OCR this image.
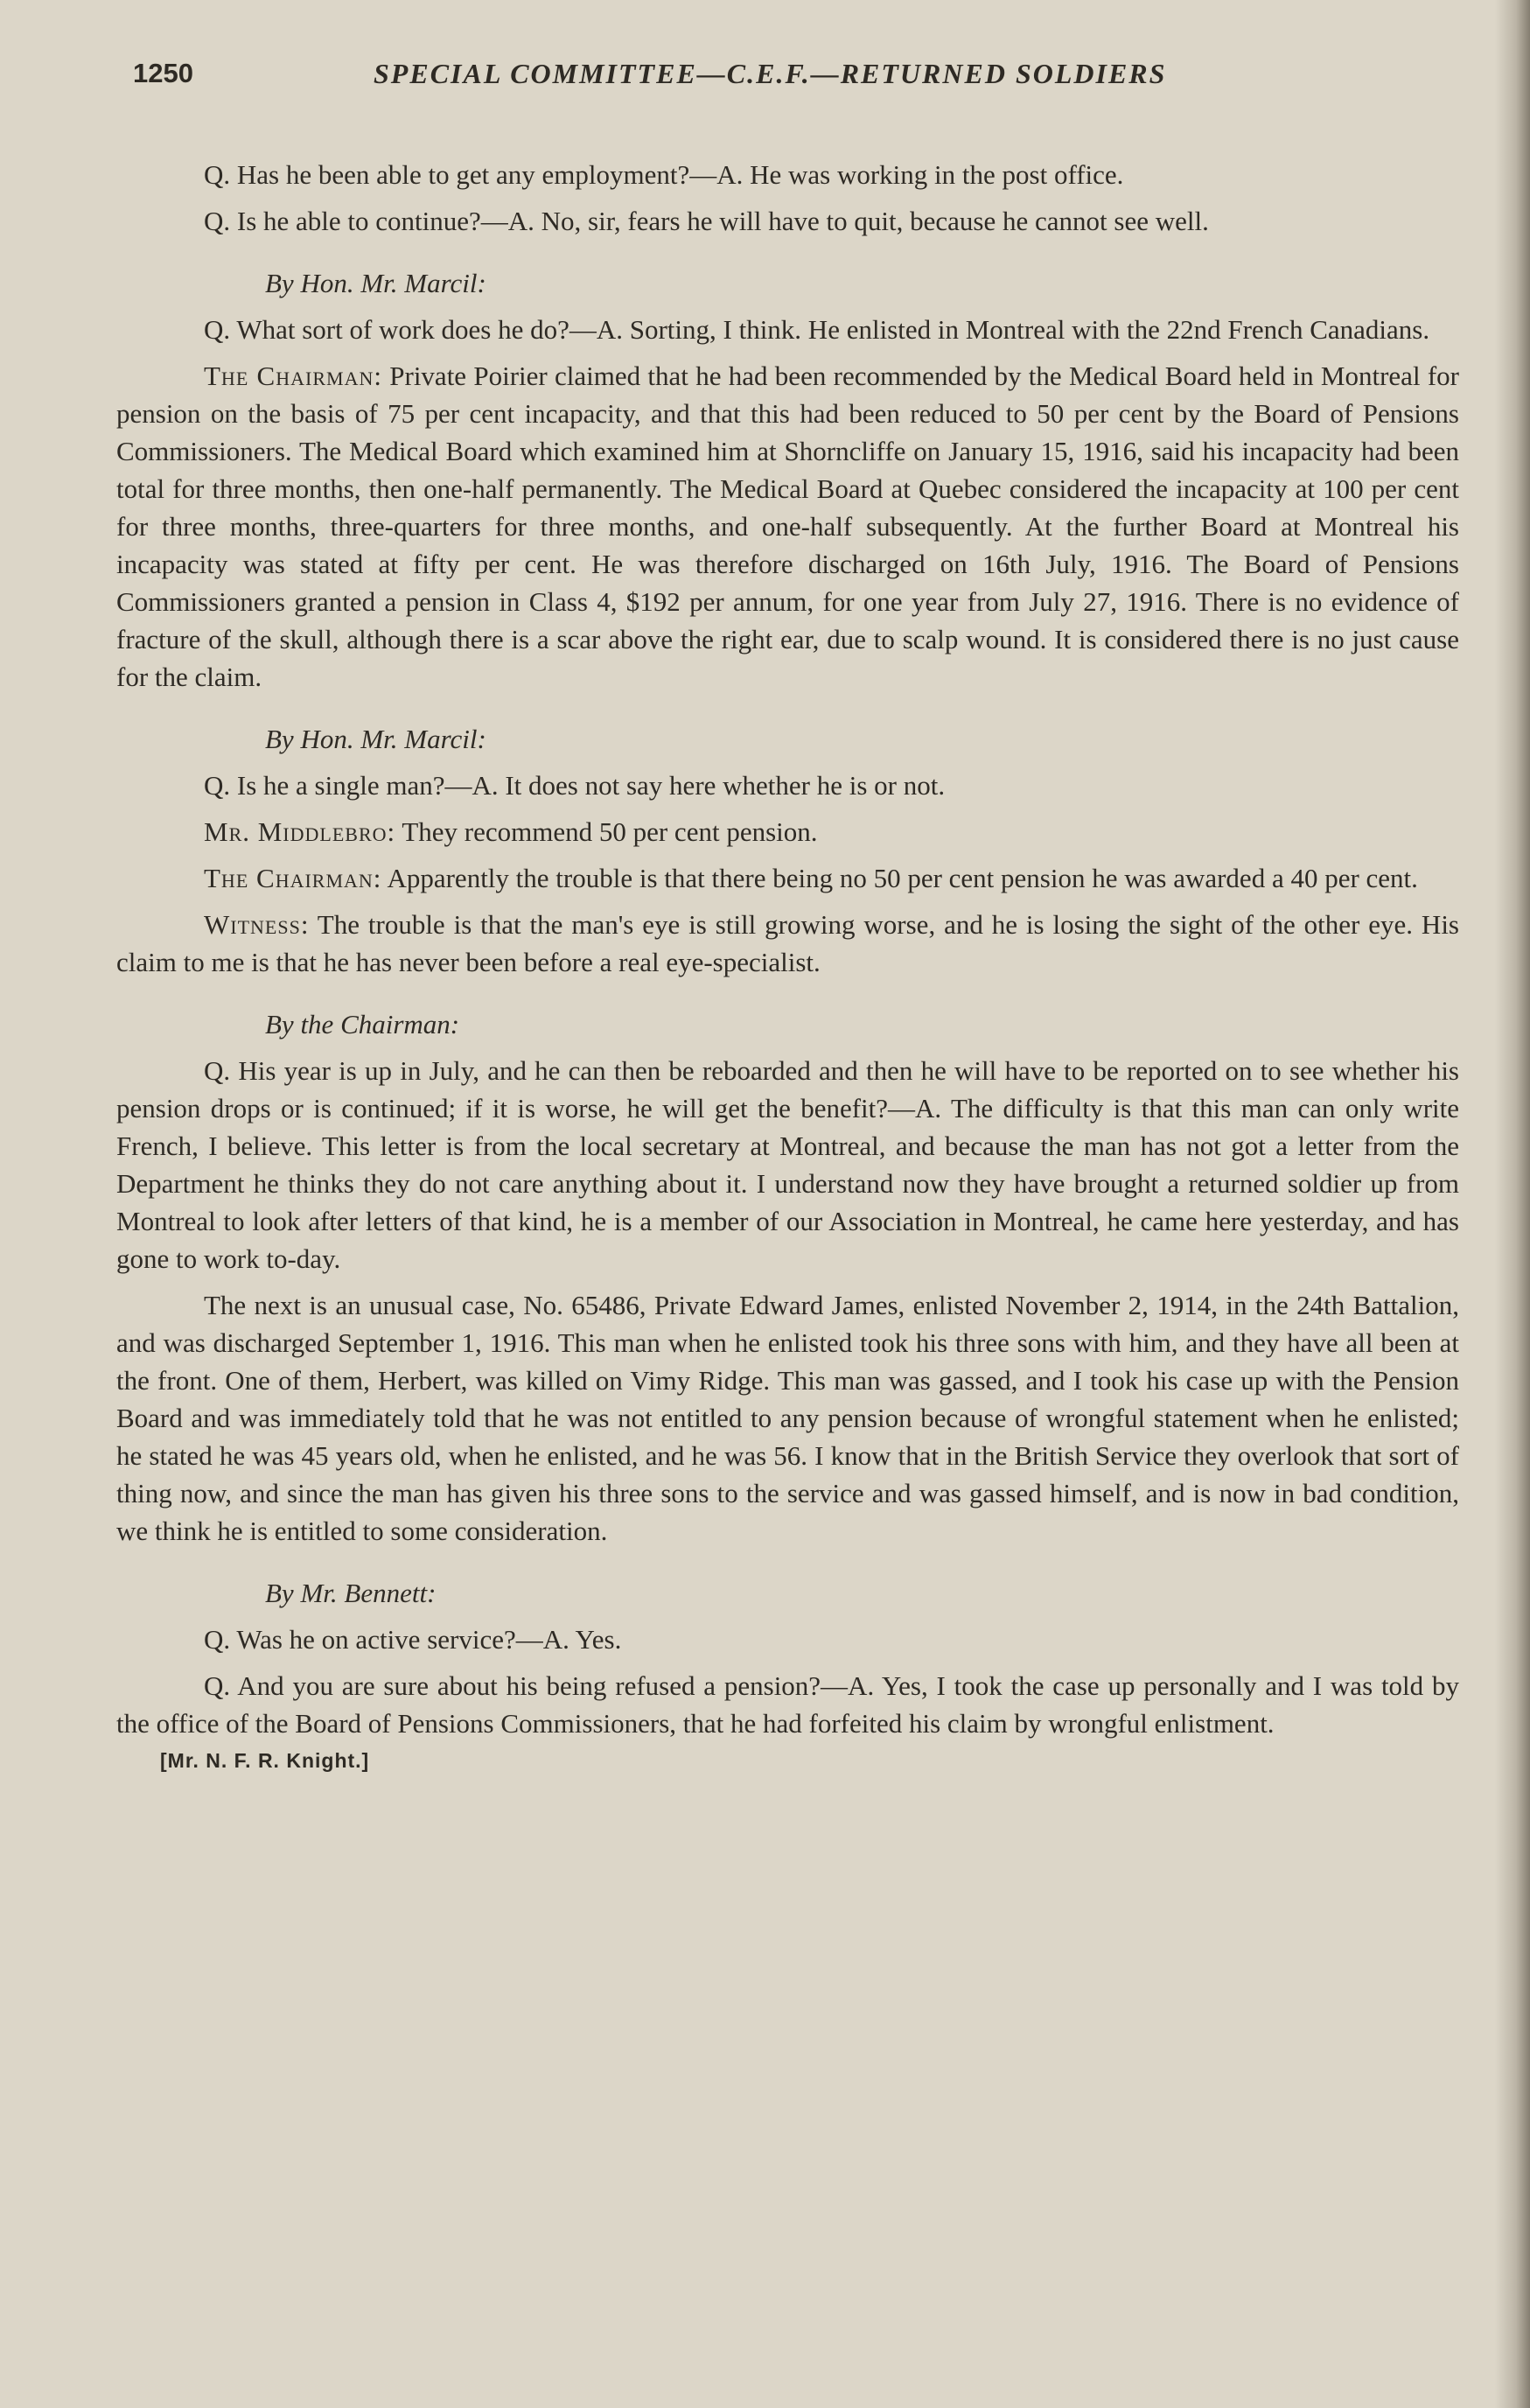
1250	SPECIAL COMMITTEE—C.E.F.—RETURNED SOLDIERS

Q. Has he been able to get any employment?—A. He was working in the post office.

Q. Is he able to continue?—A. No, sir, fears he will have to quit, because he cannot see well.

By Hon. Mr. Marcil:

Q. What sort of work does he do?—A. Sorting, I think. He enlisted in Montreal with the 22nd French Canadians.

The Chairman: Private Poirier claimed that he had been recommended by the Medical Board held in Montreal for pension on the basis of 75 per cent incapacity, and that this had been reduced to 50 per cent by the Board of Pensions Commissioners. The Medical Board which examined him at Shorncliffe on January 15, 1916, said his incapacity had been total for three months, then one-half permanently. The Medical Board at Quebec considered the incapacity at 100 per cent for three months, three-quarters for three months, and one-half subsequently. At the further Board at Montreal his incapacity was stated at fifty per cent. He was therefore discharged on 16th July, 1916. The Board of Pensions Commissioners granted a pension in Class 4, $192 per annum, for one year from July 27, 1916. There is no evidence of fracture of the skull, although there is a scar above the right ear, due to scalp wound. It is considered there is no just cause for the claim.

By Hon. Mr. Marcil:

Q. Is he a single man?—A. It does not say here whether he is or not.

Mr. Middlebro: They recommend 50 per cent pension.

The Chairman: Apparently the trouble is that there being no 50 per cent pension he was awarded a 40 per cent.

Witness: The trouble is that the man's eye is still growing worse, and he is losing the sight of the other eye. His claim to me is that he has never been before a real eye-specialist.

By the Chairman:

Q. His year is up in July, and he can then be reboarded and then he will have to be reported on to see whether his pension drops or is continued; if it is worse, he will get the benefit?—A. The difficulty is that this man can only write French, I believe. This letter is from the local secretary at Montreal, and because the man has not got a letter from the Department he thinks they do not care anything about it. I understand now they have brought a returned soldier up from Montreal to look after letters of that kind, he is a member of our Association in Montreal, he came here yesterday, and has gone to work to-day.

The next is an unusual case, No. 65486, Private Edward James, enlisted November 2, 1914, in the 24th Battalion, and was discharged September 1, 1916. This man when he enlisted took his three sons with him, and they have all been at the front. One of them, Herbert, was killed on Vimy Ridge. This man was gassed, and I took his case up with the Pension Board and was immediately told that he was not entitled to any pension because of wrongful statement when he enlisted; he stated he was 45 years old, when he enlisted, and he was 56. I know that in the British Service they overlook that sort of thing now, and since the man has given his three sons to the service and was gassed himself, and is now in bad condition, we think he is entitled to some consideration.

By Mr. Bennett:

Q. Was he on active service?—A. Yes.

Q. And you are sure about his being refused a pension?—A. Yes, I took the case up personally and I was told by the office of the Board of Pensions Commissioners, that he had forfeited his claim by wrongful enlistment.

[Mr. N. F. R. Knight.]
